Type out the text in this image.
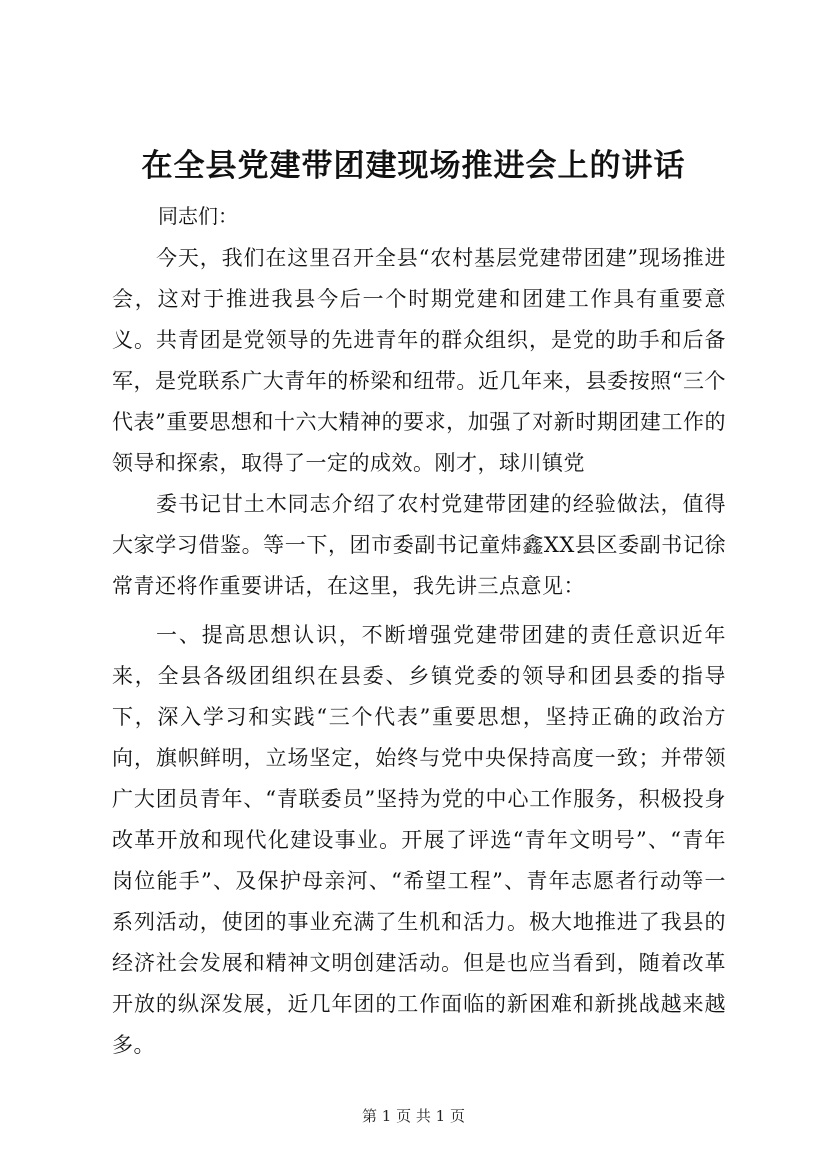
在全县党建带团建现场推进会上的讲话

同志们：

今天，我们在这里召开全县“农村基层党建带团建”现场推进会，这对于推进我县今后一个时期党建和团建工作具有重要意义。共青团是党领导的先进青年的群众组织，是党的助手和后备军，是党联系广大青年的桥梁和纽带。近几年来，县委按照“三个代表”重要思想和十六大精神的要求，加强了对新时期团建工作的领导和探索，取得了一定的成效。刚才，球川镇党

委书记甘土木同志介绍了农村党建带团建的经验做法，值得大家学习借鉴。等一下，团市委副书记童炜鑫XX县区委副书记徐常青还将作重要讲话，在这里，我先讲三点意见：

一、提高思想认识，不断增强党建带团建的责任意识近年来，全县各级团组织在县委、乡镇党委的领导和团县委的指导下，深入学习和实践“三个代表”重要思想，坚持正确的政治方向，旗帜鲜明，立场坚定，始终与党中央保持高度一致；并带领广大团员青年、“青联委员”坚持为党的中心工作服务，积极投身改革开放和现代化建设事业。开展了评选“青年文明号”、“青年岗位能手”、及保护母亲河、“希望工程”、青年志愿者行动等一系列活动，使团的事业充满了生机和活力。极大地推进了我县的经济社会发展和精神文明创建活动。但是也应当看到，随着改革开放的纵深发展，近几年团的工作面临的新困难和新挑战越来越多。

第 1 页 共 1 页
